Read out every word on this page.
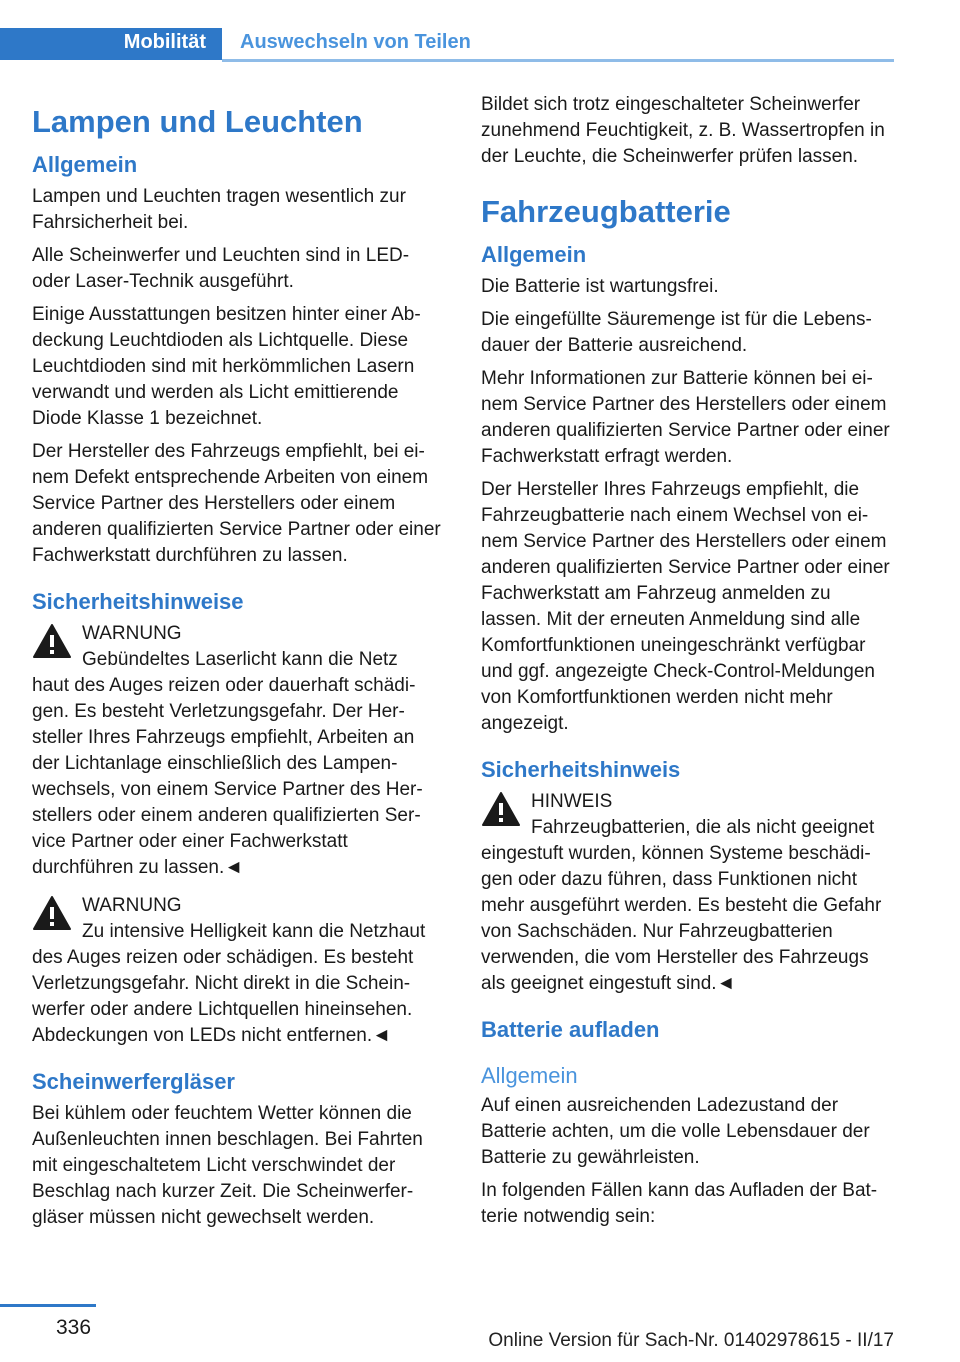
Mobilität Auswechseln von Teilen
Lampen und Leuchten
Allgemein

Lampen und Leuchten tragen wesentlich zur Fahrsicherheit bei.

Alle Scheinwerfer und Leuchten sind in LED- oder Laser-Technik ausgeführt.

Einige Ausstattungen besitzen hinter einer Abdeckung Leuchtdioden als Lichtquelle. Diese Leuchtdioden sind mit herkömmlichen Lasern verwandt und werden als Licht emittierende Diode Klasse 1 bezeichnet.

Der Hersteller des Fahrzeugs empfiehlt, bei einem Defekt entsprechende Arbeiten von einem Service Partner des Herstellers oder einem anderen qualifizierten Service Partner oder einer Fachwerkstatt durchführen zu lassen.

Sicherheitshinweise

WARNUNG

Gebündeltes Laserlicht kann die Netz

haut des Auges reizen oder dauerhaft schädigen. Es besteht Verletzungsgefahr. Der Hersteller Ihres Fahrzeugs empfiehlt, Arbeiten an der Lichtanlage einschließlich des Lampenwechsels, von einem Service Partner des Herstellers oder einem anderen qualifizierten Service Partner oder einer Fachwerkstatt durchführen zu lassen.◄

WARNUNG

Zu intensive Helligkeit kann die Netzhaut

des Auges reizen oder schädigen. Es besteht Verletzungsgefahr. Nicht direkt in die Scheinwerfer oder andere Lichtquellen hineinsehen. Abdeckungen von LEDs nicht entfernen.◄

Scheinwerfergläser

Bei kühlem oder feuchtem Wetter können die Außenleuchten innen beschlagen. Bei Fahrten mit eingeschaltetem Licht verschwindet der Beschlag nach kurzer Zeit. Die Scheinwerfergläser müssen nicht gewechselt werden.

Bildet sich trotz eingeschalteter Scheinwerfer zunehmend Feuchtigkeit, z. B. Wassertropfen in der Leuchte, die Scheinwerfer prüfen lassen.

Fahrzeugbatterie
Allgemein

Die Batterie ist wartungsfrei.

Die eingefüllte Säuremenge ist für die Lebensdauer der Batterie ausreichend.

Mehr Informationen zur Batterie können bei einem Service Partner des Herstellers oder einem anderen qualifizierten Service Partner oder einer Fachwerkstatt erfragt werden.

Der Hersteller Ihres Fahrzeugs empfiehlt, die Fahrzeugbatterie nach einem Wechsel von einem Service Partner des Herstellers oder einem anderen qualifizierten Service Partner oder einer Fachwerkstatt am Fahrzeug anmelden zu lassen. Mit der erneuten Anmeldung sind alle Komfortfunktionen uneingeschränkt verfügbar und ggf. angezeigte Check-Control-Meldungen von Komfortfunktionen werden nicht mehr angezeigt.

Sicherheitshinweis

HINWEIS

Fahrzeugbatterien, die als nicht geeignet

eingestuft wurden, können Systeme beschädigen oder dazu führen, dass Funktionen nicht mehr ausgeführt werden. Es besteht die Gefahr von Sachschäden. Nur Fahrzeugbatterien verwenden, die vom Hersteller des Fahrzeugs als geeignet eingestuft sind.◄

Batterie aufladen
Allgemein

Auf einen ausreichenden Ladezustand der Batterie achten, um die volle Lebensdauer der Batterie zu gewährleisten.

In folgenden Fällen kann das Aufladen der Batterie notwendig sein:

336
Online Version für Sach-Nr. 01402978615 - II/17
